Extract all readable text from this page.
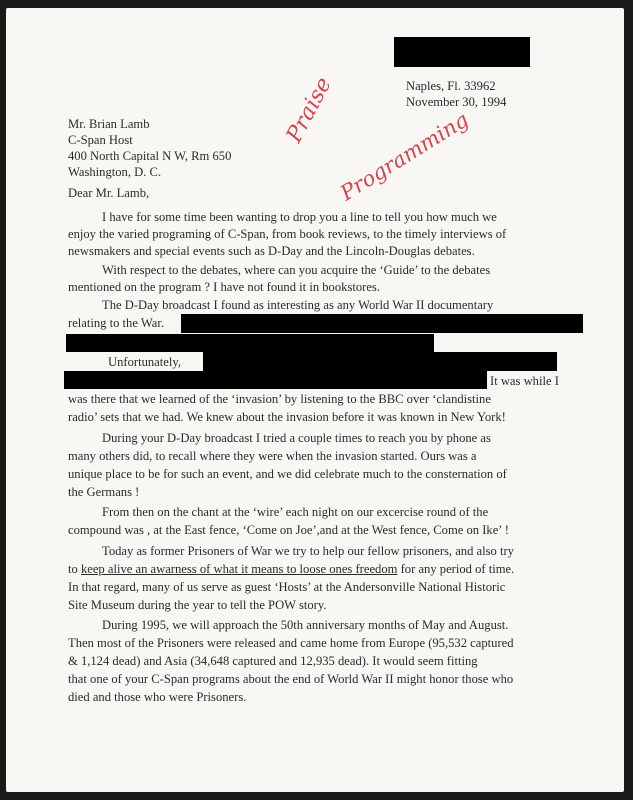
Naples, Fl. 33962
November 30, 1994
Mr. Brian Lamb
C-Span Host
400 North Capital N W, Rm 650
Washington, D. C.
Praise Programming
Dear Mr. Lamb,
I have for some time been wanting to drop you a line to tell you how much we
enjoy the varied programing of C-Span, from book reviews, to the timely interviews of
newsmakers and special events such as D-Day and the Lincoln-Douglas debates.
With respect to the debates, where can you acquire the ‘Guide’ to the debates
mentioned on the program ? I have not found it in bookstores.
The D-Day broadcast I found as interesting as any World War II documentary
relating to the War.
Unfortunately,
It was while I
was there that we learned of the ‘invasion’ by listening to the BBC over ‘clandistine
radio’ sets that we had. We knew about the invasion before it was known in New York!
During your D-Day broadcast I tried a couple times to reach you by phone as
many others did, to recall where they were when the invasion started. Ours was a
unique place to be for such an event, and we did celebrate much to the consternation of
the Germans !
From then on the chant at the ‘wire’ each night on our excercise round of the
compound was , at the East fence, ‘Come on Joe’,and at the West fence, Come on Ike’ !
Today as former Prisoners of War we try to help our fellow prisoners, and also try
to keep alive an awarness of what it means to loose ones freedom for any period of time.
In that regard, many of us serve as guest ‘Hosts’ at the Andersonville National Historic
Site Museum during the year to tell the POW story.
During 1995, we will approach the 50th anniversary months of May and August.
Then most of the Prisoners were released and came home from Europe (95,532 captured
& 1,124 dead) and Asia (34,648 captured and 12,935 dead). It would seem fitting
that one of your C-Span programs about the end of World War II might honor those who
died and those who were Prisoners.
